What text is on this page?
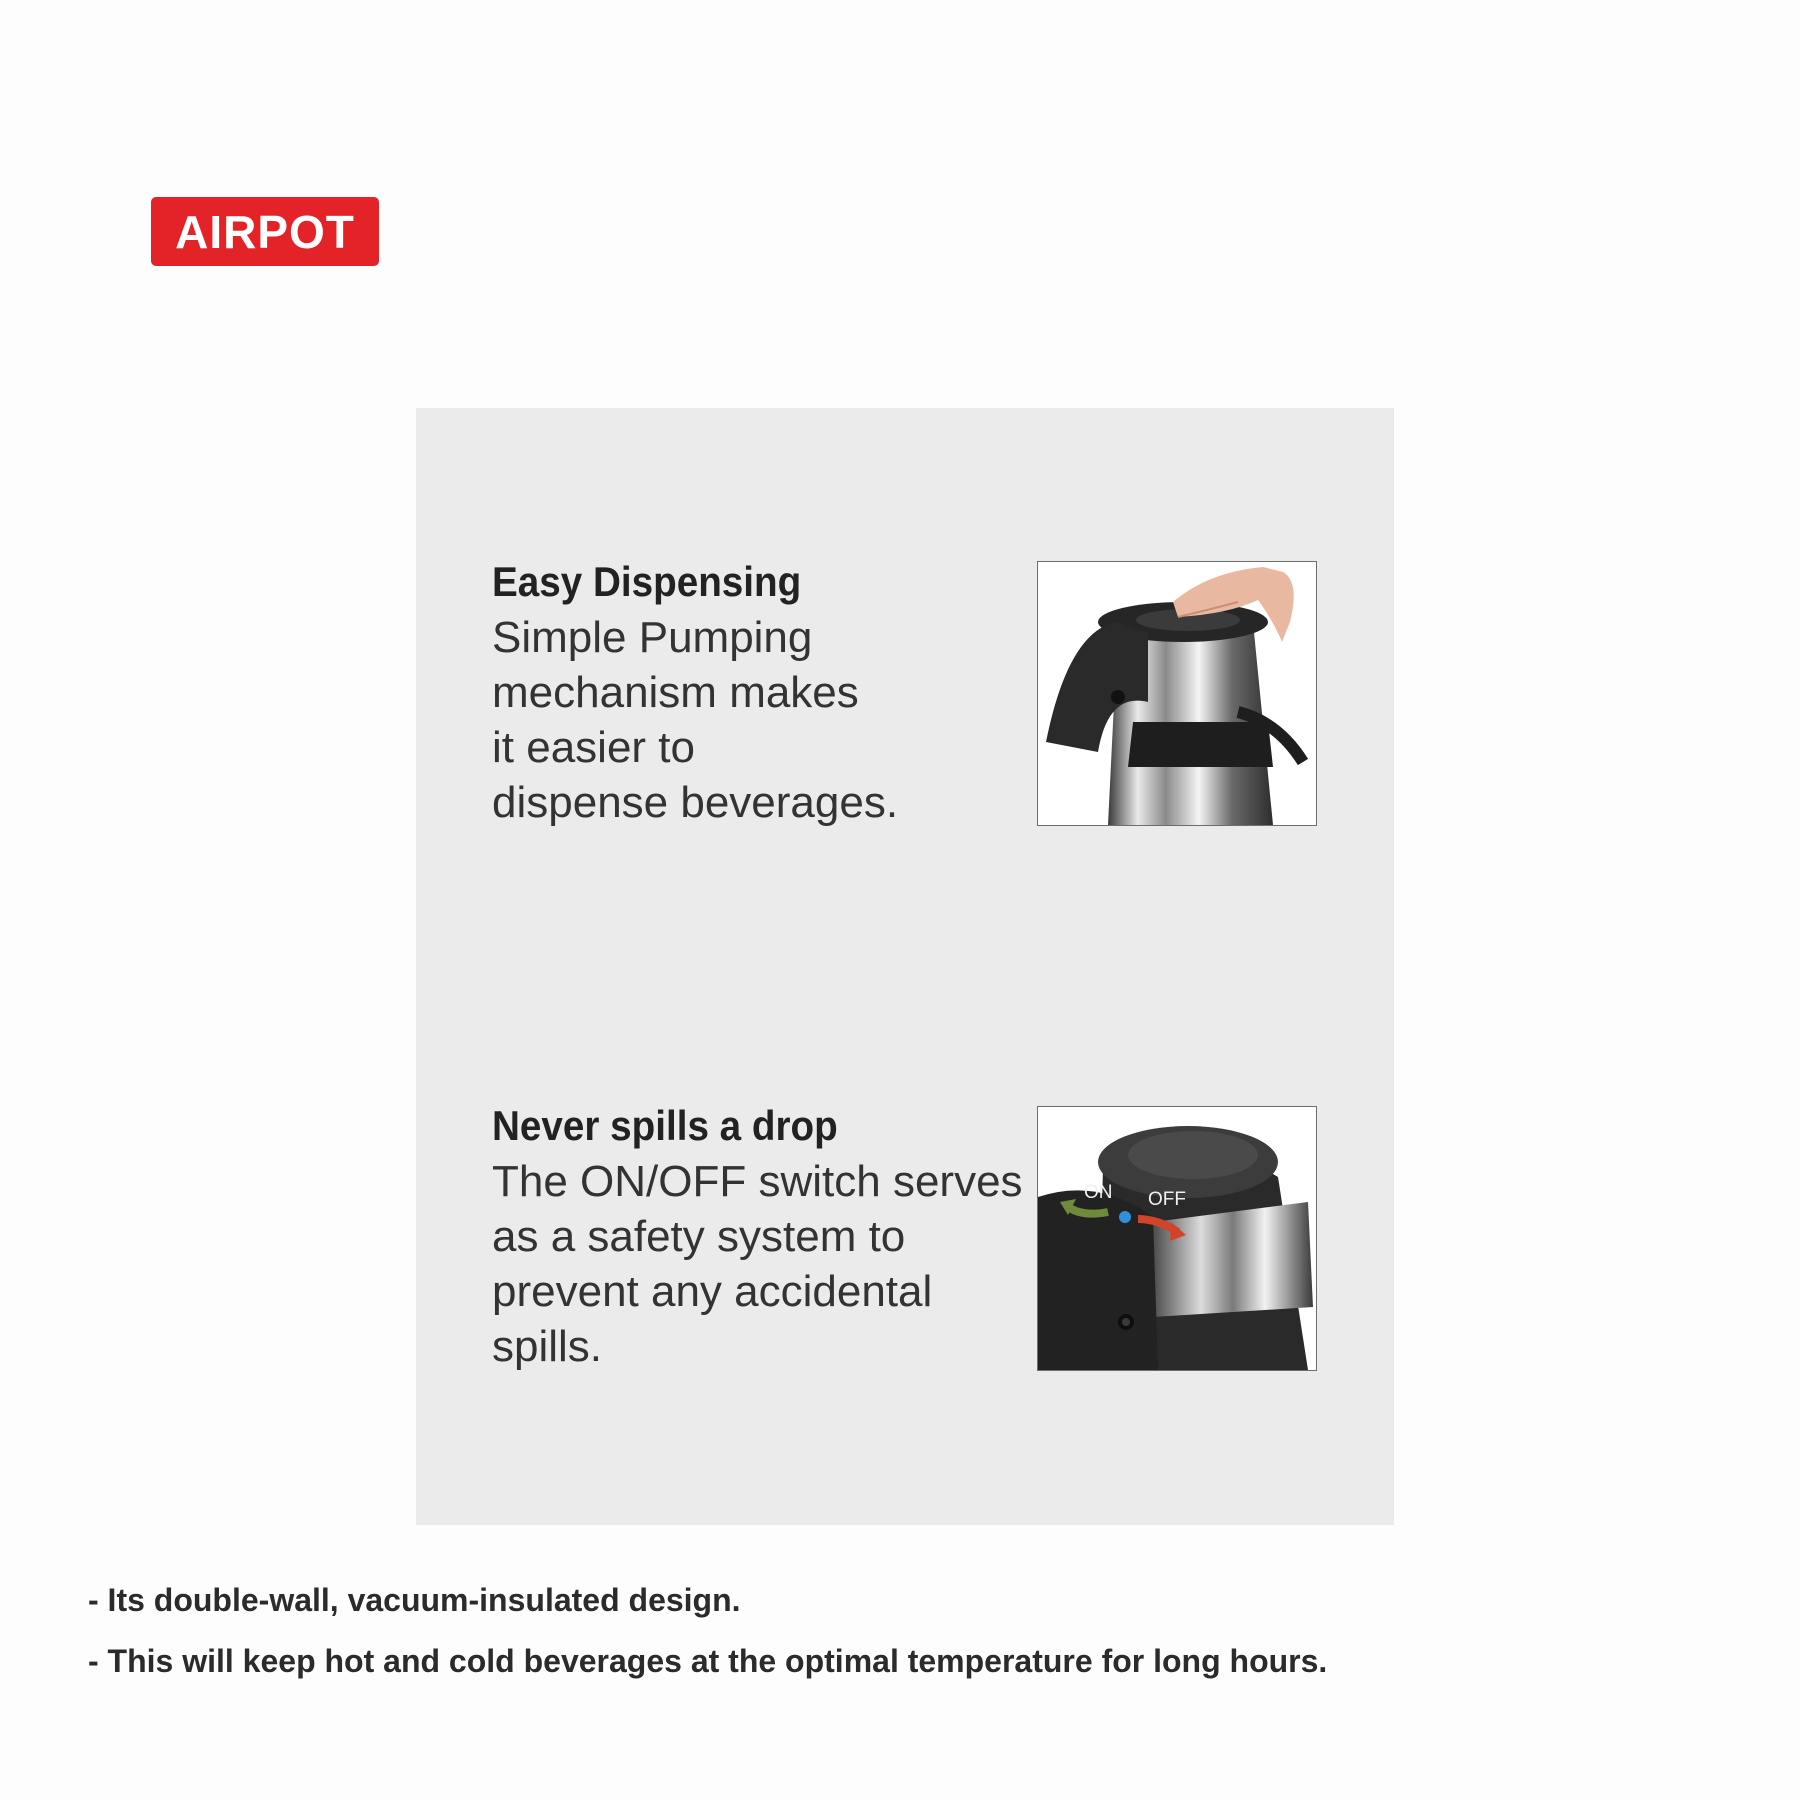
AIRPOT
Easy Dispensing
Simple Pumping
mechanism makes
it easier to
dispense beverages.
Never spills a drop
The ON/OFF switch serves
as a safety system to
prevent any accidental
spills.
ON OFF
- Its double-wall, vacuum-insulated design.
- This will keep hot and cold beverages at the optimal temperature for long hours.
